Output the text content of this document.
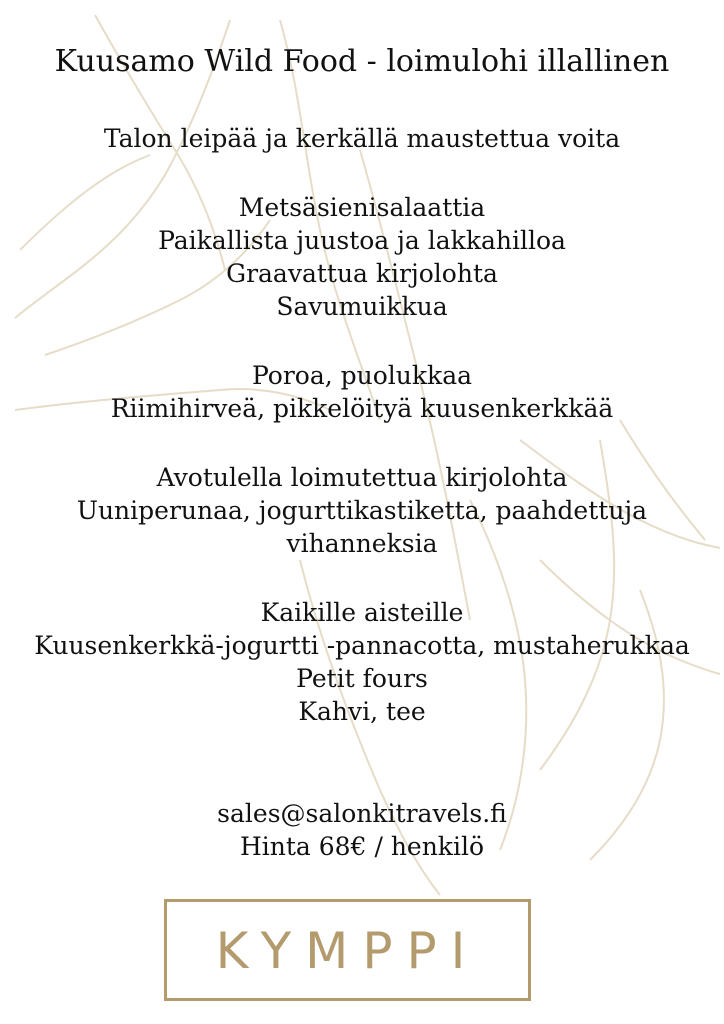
Kuusamo Wild Food - loimulohi illallinen
Talon leipää ja kerkällä maustettua voita
Metsäsienisalaattia
Paikallista juustoa ja lakkahilloa
Graavattua kirjolohta
Savumuikkua
Poroa, puolukkaa
Riimihirveä, pikkelöityä kuusenkerkkää
Avotulella loimutettua kirjolohta
Uuniperunaa, jogurttikastiketta, paahdettuja
vihanneksia
Kaikille aisteille
Kuusenkerkkä-jogurtti -pannacotta, mustaherukkaa
Petit fours
Kahvi, tee
sales@salonkitravels.fi
Hinta 68€ / henkilö
KYMPPI
